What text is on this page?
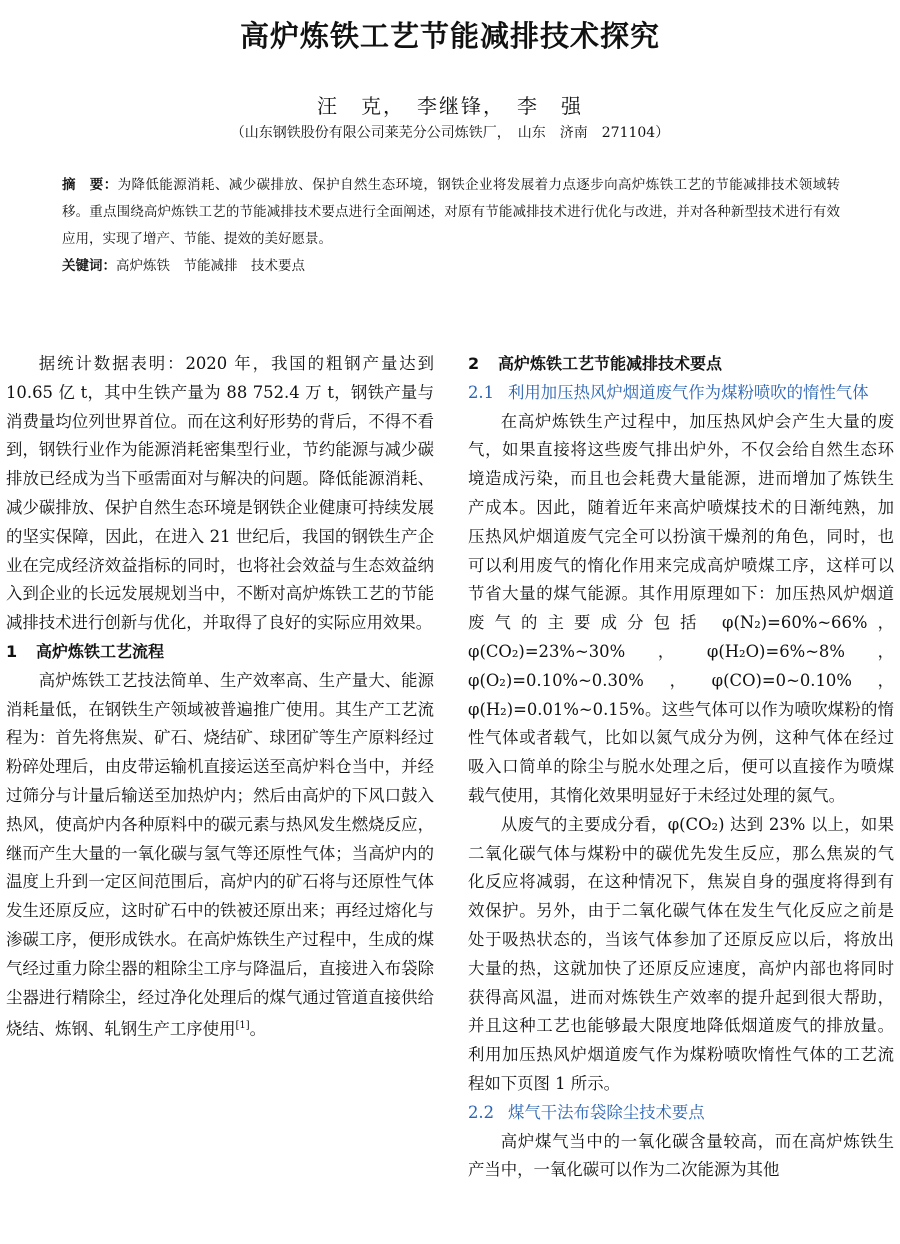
高炉炼铁工艺节能减排技术探究
汪　克，　李继锋，　李　强
（山东钢铁股份有限公司莱芜分公司炼铁厂，　山东　济南　271104）
摘　要：为降低能源消耗、减少碳排放、保护自然生态环境，钢铁企业将发展着力点逐步向高炉炼铁工艺的节能减排技术领域转移。重点围绕高炉炼铁工艺的节能减排技术要点进行全面阐述，对原有节能减排技术进行优化与改进，并对各种新型技术进行有效应用，实现了增产、节能、提效的美好愿景。
关键词：高炉炼铁　节能减排　技术要点

据统计数据表明：2020 年，我国的粗钢产量达到 10.65 亿 t，其中生铁产量为 88 752.4 万 t，钢铁产量与消费量均位列世界首位。而在这利好形势的背后，不得不看到，钢铁行业作为能源消耗密集型行业，节约能源与减少碳排放已经成为当下亟需面对与解决的问题。降低能源消耗、减少碳排放、保护自然生态环境是钢铁企业健康可持续发展的坚实保障，因此，在进入 21 世纪后，我国的钢铁生产企业在完成经济效益指标的同时，也将社会效益与生态效益纳入到企业的长远发展规划当中，不断对高炉炼铁工艺的节能减排技术进行创新与优化，并取得了良好的实际应用效果。

1 高炉炼铁工艺流程

高炉炼铁工艺技法简单、生产效率高、生产量大、能源消耗量低，在钢铁生产领域被普遍推广使用。其生产工艺流程为：首先将焦炭、矿石、烧结矿、球团矿等生产原料经过粉碎处理后，由皮带运输机直接运送至高炉料仓当中，并经过筛分与计量后输送至加热炉内；然后由高炉的下风口鼓入热风，使高炉内各种原料中的碳元素与热风发生燃烧反应，继而产生大量的一氧化碳与氢气等还原性气体；当高炉内的温度上升到一定区间范围后，高炉内的矿石将与还原性气体发生还原反应，这时矿石中的铁被还原出来；再经过熔化与渗碳工序，便形成铁水。在高炉炼铁生产过程中，生成的煤气经过重力除尘器的粗除尘工序与降温后，直接进入布袋除尘器进行精除尘，经过净化处理后的煤气通过管道直接供给烧结、炼钢、轧钢生产工序使用[1]。

2 高炉炼铁工艺节能减排技术要点
2.1 利用加压热风炉烟道废气作为煤粉喷吹的惰性气体

在高炉炼铁生产过程中，加压热风炉会产生大量的废气，如果直接将这些废气排出炉外，不仅会给自然生态环境造成污染，而且也会耗费大量能源，进而增加了炼铁生产成本。因此，随着近年来高炉喷煤技术的日渐纯熟，加压热风炉烟道废气完全可以扮演干燥剂的角色，同时，也可以利用废气的惰化作用来完成高炉喷煤工序，这样可以节省大量的煤气能源。其作用原理如下：加压热风炉烟道废气的主要成分包括 φ(N₂)=60%~66%，φ(CO₂)=23%~30%，φ(H₂O)=6%~8%，φ(O₂)=0.10%~0.30%，φ(CO)=0~0.10%，φ(H₂)=0.01%~0.15%。这些气体可以作为喷吹煤粉的惰性气体或者载气，比如以氮气成分为例，这种气体在经过吸入口简单的除尘与脱水处理之后，便可以直接作为喷煤载气使用，其惰化效果明显好于未经过处理的氮气。

从废气的主要成分看，φ(CO₂) 达到 23% 以上，如果二氧化碳气体与煤粉中的碳优先发生反应，那么焦炭的气化反应将减弱，在这种情况下，焦炭自身的强度将得到有效保护。另外，由于二氧化碳气体在发生气化反应之前是处于吸热状态的，当该气体参加了还原反应以后，将放出大量的热，这就加快了还原反应速度，高炉内部也将同时获得高风温，进而对炼铁生产效率的提升起到很大帮助，并且这种工艺也能够最大限度地降低烟道废气的排放量。利用加压热风炉烟道废气作为煤粉喷吹惰性气体的工艺流程如下页图 1 所示。

2.2 煤气干法布袋除尘技术要点

高炉煤气当中的一氧化碳含量较高，而在高炉炼铁生产当中，一氧化碳可以作为二次能源为其他
